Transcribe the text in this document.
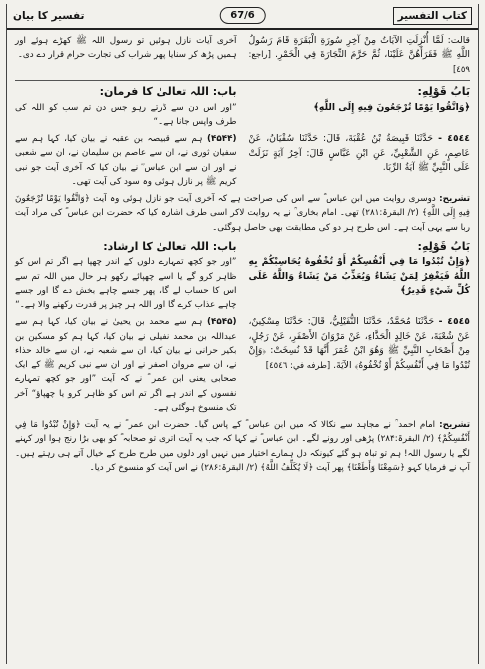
كتاب التفسير
67/6
تفسیر کا بیان
قالت: لَمَّا أُنْزِلَتِ الآيَاتُ مِنْ آخِرِ سُورَةِ الْبَقَرَةِ قَامَ رَسُولُ اللَّهِ ﷺ فَقَرَأَهُنَّ عَلَيْنَا، ثُمَّ حَرَّمَ التِّجَارَةَ فِي الْخَمْرِ. [راجع: ٤٥٩]
آخری آیات نازل ہوئیں تو رسول اللہ ﷺ کھڑے ہوئے اور ہمیں پڑھ کر سنایا پھر شراب کی تجارت حرام قرار دے دی۔
بَابُ قَوْلِهِ:
باب: اللہ تعالیٰ کا فرمان:
﴿وَاتَّقُوا يَوْمًا تُرْجَعُونَ فِيهِ إِلَى اللَّهِ﴾
”اور اس دن سے ڈرتے رہو جس دن تم سب کو اللہ کی طرف واپس جانا ہے۔“
٤٥٤٤ - حَدَّثَنَا قَبِيصَةُ بْنُ عُقْبَةَ، قَالَ: حَدَّثَنَا سُفْيَانُ، عَنْ عَاصِمٍ، عَنِ الشَّعْبِيِّ، عَنِ ابْنِ عَبَّاسٍ قَالَ: آخِرُ آيَةٍ نَزَلَتْ عَلَى النَّبِيِّ ﷺ آيَةُ الرِّبَا.
(۴۵۴۴) ہم سے قبیصہ بن عقبہ نے بیان کیا، کہا ہم سے سفیان ثوری نے، ان سے عاصم بن سلیمان نے، ان سے شعبی نے اور ان سے ابن عباس ؓ نے بیان کیا کہ آخری آیت جو نبی کریم ﷺ پر نازل ہوئی وہ سود کی آیت تھی۔
تشریح: دوسری روایت میں ابن عباس ؓ سے اس کی صراحت ہے کہ آخری آیت جو نازل ہوئی وہ آیت ﴿وَاتَّقُوا يَوْمًا تُرْجَعُونَ فِيهِ إِلَى اللَّهِ﴾ (۲/ البقرۃ:۲۸۱) تھی۔ امام بخاری ؒ نے یہ روایت لاکر اسی طرف اشارہ کیا کہ حضرت ابن عباس ؓ کی مراد آیت ربا سے یہی آیت ہے۔ اس طرح ہر دو کی مطابقت بھی حاصل ہوگئی۔
بَابُ قَوْلِهِ:
باب: اللہ تعالیٰ کا ارشاد:
﴿وَإِنْ تُبْدُوا مَا فِي أَنْفُسِكُمْ أَوْ تُخْفُوهُ يُحَاسِبْكُمْ بِهِ اللَّهُ فَيَغْفِرُ لِمَنْ يَشَاءُ وَيُعَذِّبُ مَنْ يَشَاءُ وَاللَّهُ عَلَى كُلِّ شَيْءٍ قَدِيرٌ﴾
”اور جو کچھ تمہارے دلوں کے اندر چھپا ہے اگر تم اس کو ظاہر کرو گے یا اسے چھپائے رکھو ہر حال میں اللہ تم سے اس کا حساب لے گا، پھر جسے چاہے بخش دے گا اور جسے چاہے عذاب کرے گا اور اللہ ہر چیز پر قدرت رکھنے والا ہے۔“
٤٥٤٥ - حَدَّثَنَا مُحَمَّدٌ، حَدَّثَنَا النُّفَيْلِيُّ، قَالَ: حَدَّثَنَا مِسْكِينٌ، عَنْ شُعْبَةَ، عَنْ خَالِدٍ الْحَذَّاءِ، عَنْ مَرْوَانَ الأَصْفَرِ، عَنْ رَجُلٍ، مِنْ أَصْحَابِ النَّبِيِّ ﷺ وَهُوَ ابْنُ عُمَرَ أَنَّهَا قَدْ نُسِخَتْ: ﴿وَإِنْ تُبْدُوا مَا فِي أَنْفُسِكُمْ أَوْ تُخْفُوهُ﴾ الآيَةَ. [طرفه في: ٤٥٤٦]
(۴۵۴۵) ہم سے محمد بن یحییٰ نے بیان کیا، کہا ہم سے عبداللہ بن محمد نفیلی نے بیان کیا، کہا ہم کو مسکین بن بکیر حرانی نے بیان کیا، ان سے شعبہ نے، ان سے خالد حذاء نے، ان سے مروان اصفر نے اور ان سے نبی کریم ﷺ کے ایک صحابی یعنی ابن عمر ؓ نے کہ آیت ”اور جو کچھ تمہارے نفسوں کے اندر ہے اگر تم اس کو ظاہر کرو یا چھپاؤ“ آخر تک منسوخ ہوگئی ہے۔
تشریح: امام احمد ؒ نے مجاہد سے نکالا کہ میں ابن عباس ؓ کے پاس گیا۔ حضرت ابن عمر ؓ نے یہ آیت ﴿وَإِنْ تُبْدُوا مَا فِي أَنْفُسِكُمْ﴾ (۲/ البقرۃ:۲۸۴) پڑھی اور رونے لگے۔ ابن عباس ؓ نے کہا کہ جب یہ آیت اتری تو صحابہ ؓ کو بھی بڑا رنج ہوا اور کہنے لگے یا رسول اللہ! ہم تو تباہ ہو گئے کیونکہ دل ہمارے اختیار میں نہیں اور دلوں میں طرح طرح کے خیال آتے ہی رہتے ہیں۔ آپ نے فرمایا کہو ﴿سَمِعْنَا وَأَطَعْنَا﴾ پھر آیت ﴿لَا يُكَلِّفُ اللَّهُ﴾ (۲/ البقرۃ:۲۸۶) نے اس آیت کو منسوخ کر دیا۔
